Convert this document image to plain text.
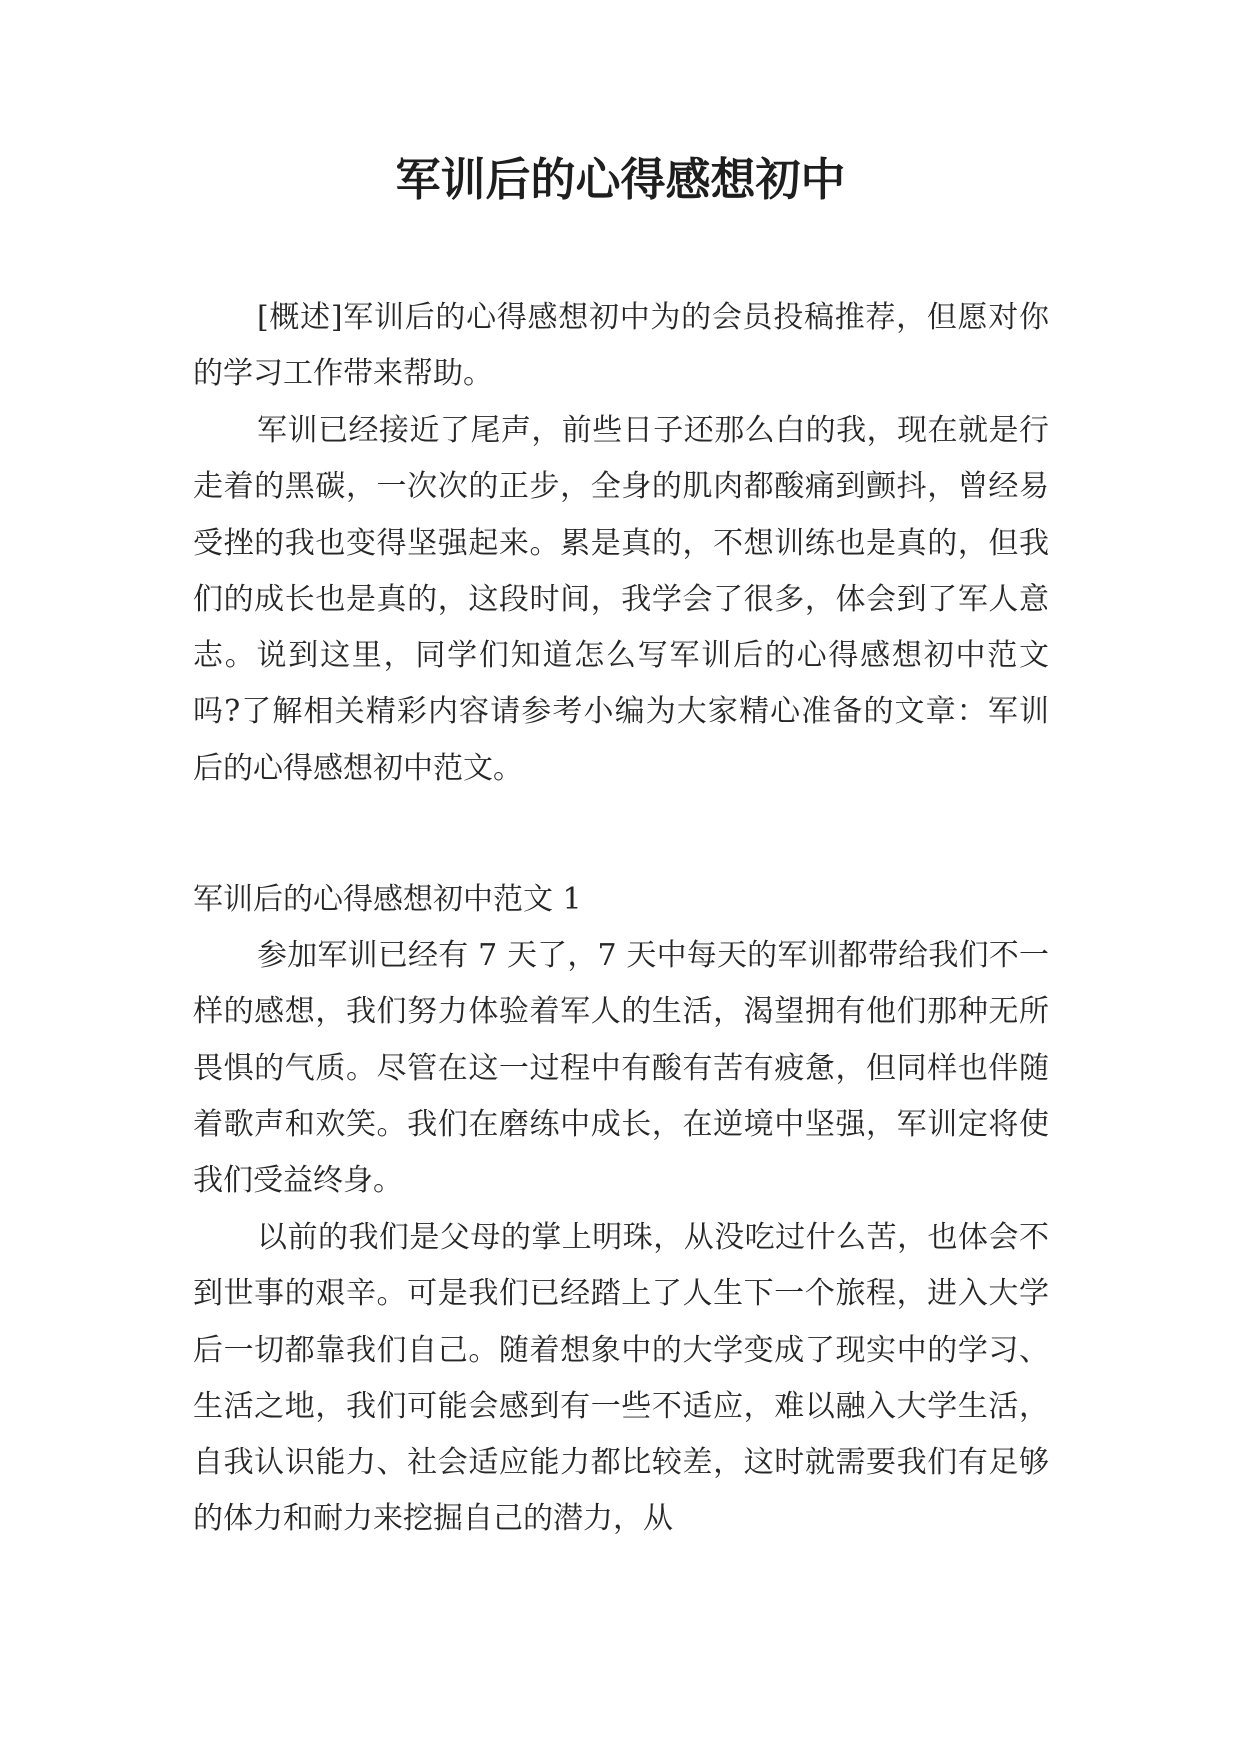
军训后的心得感想初中

[概述]军训后的心得感想初中为的会员投稿推荐，但愿对你的学习工作带来帮助。

军训已经接近了尾声，前些日子还那么白的我，现在就是行走着的黑碳，一次次的正步，全身的肌肉都酸痛到颤抖，曾经易受挫的我也变得坚强起来。累是真的，不想训练也是真的，但我们的成长也是真的，这段时间，我学会了很多，体会到了军人意志。说到这里，同学们知道怎么写军训后的心得感想初中范文吗?了解相关精彩内容请参考小编为大家精心准备的文章：军训后的心得感想初中范文。

军训后的心得感想初中范文 1

参加军训已经有 7 天了，7 天中每天的军训都带给我们不一样的感想，我们努力体验着军人的生活，渴望拥有他们那种无所畏惧的气质。尽管在这一过程中有酸有苦有疲惫，但同样也伴随着歌声和欢笑。我们在磨练中成长，在逆境中坚强，军训定将使我们受益终身。

以前的我们是父母的掌上明珠，从没吃过什么苦，也体会不到世事的艰辛。可是我们已经踏上了人生下一个旅程，进入大学后一切都靠我们自己。随着想象中的大学变成了现实中的学习、生活之地，我们可能会感到有一些不适应，难以融入大学生活，自我认识能力、社会适应能力都比较差，这时就需要我们有足够的体力和耐力来挖掘自己的潜力，从
